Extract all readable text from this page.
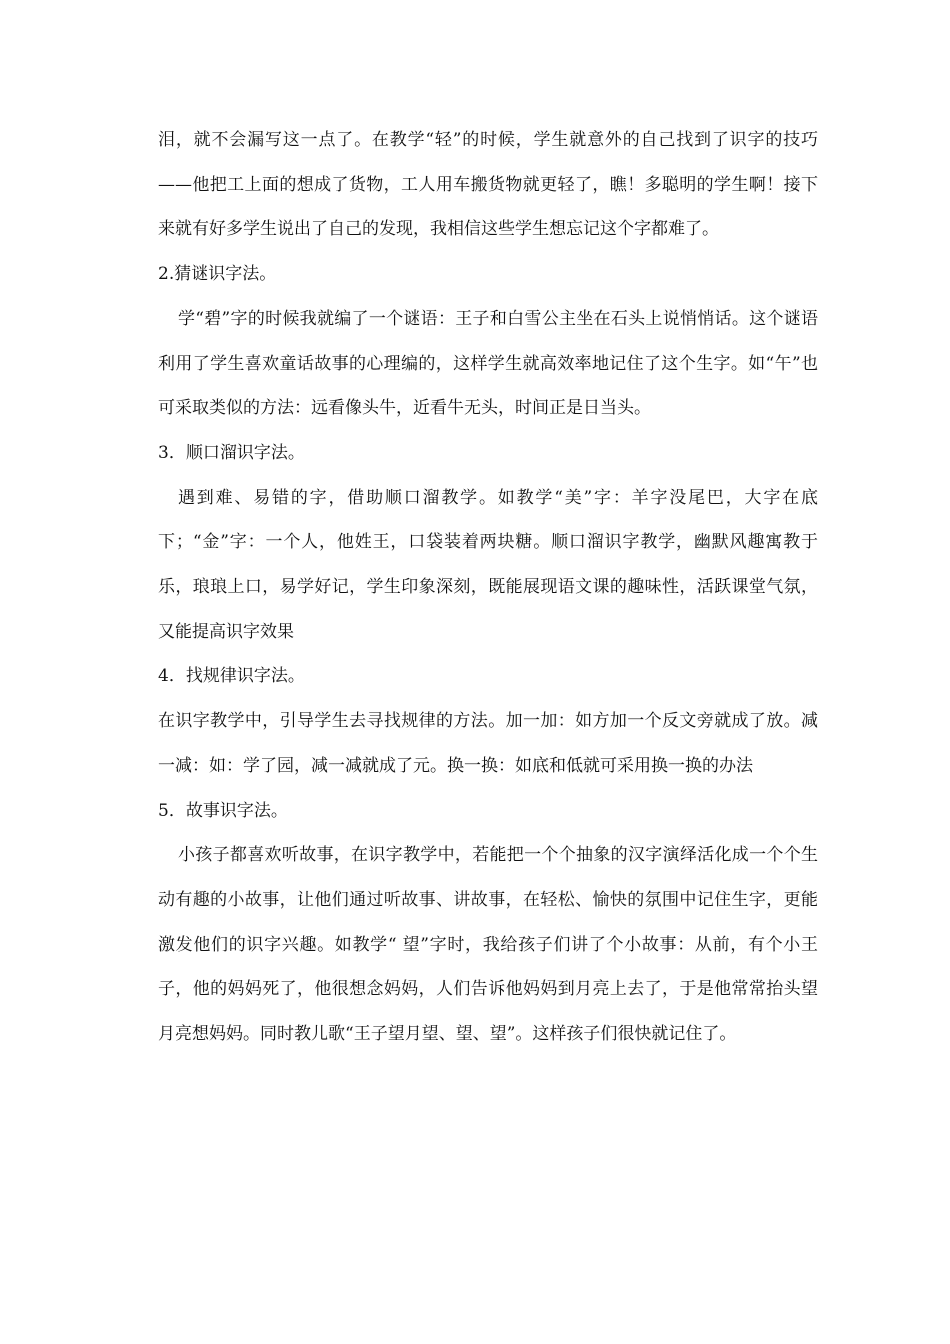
泪，就不会漏写这一点了。在教学“轻”的时候，学生就意外的自己找到了识字的技巧——他把工上面的想成了货物，工人用车搬货物就更轻了，瞧！多聪明的学生啊！接下来就有好多学生说出了自己的发现，我相信这些学生想忘记这个字都难了。

2.猜谜识字法。

学“碧”字的时候我就编了一个谜语：王子和白雪公主坐在石头上说悄悄话。这个谜语利用了学生喜欢童话故事的心理编的，这样学生就高效率地记住了这个生字。如“午”也可采取类似的方法：远看像头牛，近看牛无头，时间正是日当头。

3．顺口溜识字法。

遇到难、易错的字，借助顺口溜教学。如教学“美”字：羊字没尾巴，大字在底下；“金”字：一个人，他姓王，口袋装着两块糖。顺口溜识字教学，幽默风趣寓教于乐，琅琅上口，易学好记，学生印象深刻，既能展现语文课的趣味性，活跃课堂气氛，又能提高识字效果

4．找规律识字法。

在识字教学中，引导学生去寻找规律的方法。加一加：如方加一个反文旁就成了放。减一减：如：学了园，减一减就成了元。换一换：如底和低就可采用换一换的办法

5．故事识字法。

小孩子都喜欢听故事，在识字教学中，若能把一个个抽象的汉字演绎活化成一个个生动有趣的小故事，让他们通过听故事、讲故事，在轻松、愉快的氛围中记住生字，更能激发他们的识字兴趣。如教学“ 望”字时，我给孩子们讲了个小故事：从前，有个小王子，他的妈妈死了，他很想念妈妈，人们告诉他妈妈到月亮上去了，于是他常常抬头望月亮想妈妈。同时教儿歌“王子望月望、望、望”。这样孩子们很快就记住了。
